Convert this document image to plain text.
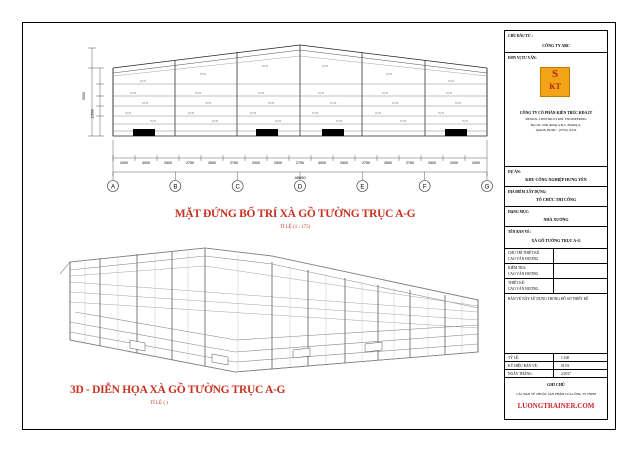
XGT1
XGT1
XGT1	XGT1
XGT1
XGT1
XGT2	XGT2	XGT2	XGT2	XGT2	XGT2
XGT3	XGT3	XGT3	XGT3	XGT3	XGT3
XGT4	XGT4	XGT4	XGT4	XGT4	XGT4
XGT4	XGT4	XGT4	XGT4	XGT4	XGT4
A	B	C	D	E	F	G
5000
11500
2000	3000	2500	2750	4500	2750	2000	2500	2750	3000	2500	2750	4500	2750	2500	2000	2000
48000
MẶT ĐỨNG BỐ TRÍ XÀ GỒ TƯỜNG TRỤC A-G
TỈ LỆ (1 : 175)
3D - DIỄN HỌA XÀ GỒ TƯỜNG TRỤC A-G
TỈ LỆ ( )
CHỦ ĐẦU TƯ :
CÔNG TY ABC
ĐƠN VỊ TƯ VẤN:
S
KT
CÔNG TY CỔ PHẦN KIẾN TRÚC KĐA.IT
DESIGN. CONSTRUCTION. ENGINEERING
Địa chỉ: 1000 đường A.B.C, Phường A.
Quận B, HCMC - (0756) 11234
DỰ ÁN:
KHU CÔNG NGHIỆP HƯNG YÊN
ĐỊA ĐIỂM XÂY DỰNG:
TỔ CHỨC THI CÔNG
HẠNG MỤC:
NHÀ XƯỞNG
TÊN BẢN VẼ:
XÀ GỒ TƯỜNG TRỤC A-G
CHỦ TRÌ THIẾT KẾ:
CAO VĂN HƯƠNG
KIỂM TRA:
CAO VĂN HƯƠNG
THIẾT KẾ:
CAO VĂN HƯƠNG
BẢN VẼ NÀY SỬ DỤNG TRONG HỒ SƠ THIẾT KẾ
TỶ LỆ:	1:100
KÝ HIỆU BẢN VẼ:	01/01
NGÀY THÁNG:	2/2017
GHI CHÚ
CÁC BẢN VẼ THUỘC SẢN PHẨM CỦA CÔNG TY TNHH
LUONGTRAINER.COM
